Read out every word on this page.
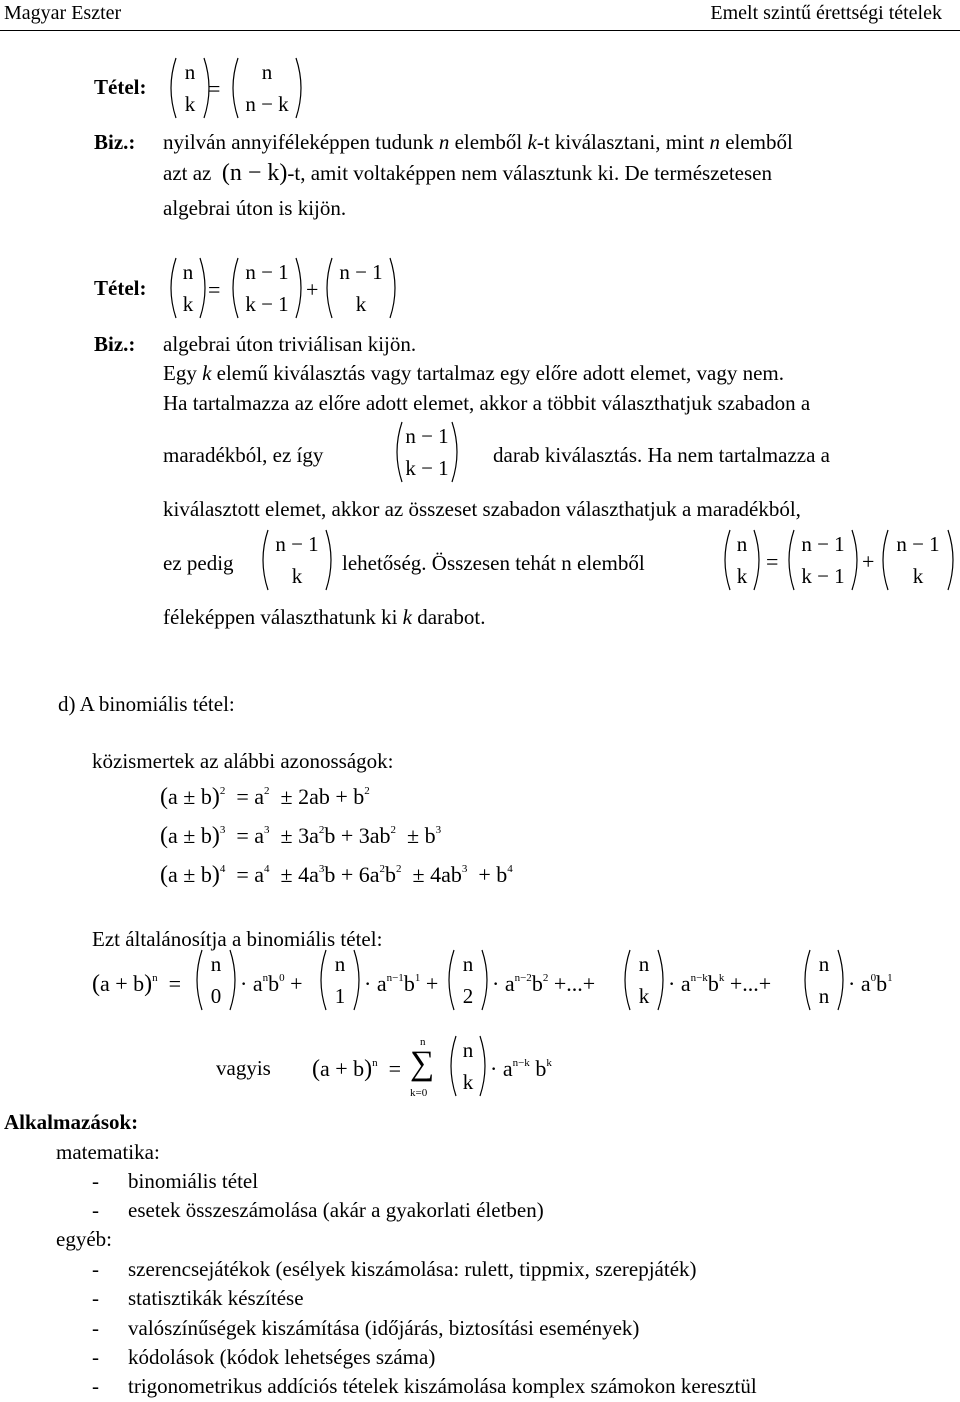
Magyar Eszter	Emelt szintű érettségi tételek
Tétel:
n
k
=
n
n − k
Biz.: nyilván annyiféleképpen tudunk n elemből k-t kiválasztani, mint n elemből
azt az (n − k)-t, amit voltaképpen nem választunk ki. De természetesen
algebrai úton is kijön.
Tétel:
n
k
=
n − 1
k − 1
+
n − 1
k
Biz.: algebrai úton triviálisan kijön.
Egy k elemű kiválasztás vagy tartalmaz egy előre adott elemet, vagy nem.
Ha tartalmazza az előre adott elemet, akkor a többit választhatjuk szabadon a
maradékból, ez így
n − 1
k − 1
darab kiválasztás. Ha nem tartalmazza a
kiválasztott elemet, akkor az összeset szabadon választhatjuk a maradékból,
ez pedig
n − 1
k
lehetőség. Összesen tehát n elemből
n
k
=
n − 1
k − 1
+
n − 1
k
féleképpen választhatunk ki k darabot.
d) A binomiális tétel:
közismertek az alábbi azonosságok:
$(a \pm b)^2 = a^2 \pm 2ab + b^2$
$(a \pm b)^3 = a^3 \pm 3a^2b + 3ab^2 \pm b^3$
$(a \pm b)^4 = a^4 \pm 4a^3b + 6a^2b^2 \pm 4ab^3 + b^4$
Ezt általánosítja a binomiális tétel:
$(a + b)^n$  =
n
$0 \cdot a^nb^0$ +
n
$1 \cdot a^{n-1}b^1$ +
n
$2 \cdot a^{n-2}b^2$ +...+
n
$k \cdot a^{n-k}b^k$ +...+
n
$n \cdot a^0b^1$
vagyis $(a + b)^n$  =
n
∑
k=0
n
k
· $a^{n-k}$ $b^k$
Alkalmazások:
matematika:
- binomiális tétel
- esetek összeszámolása (akár a gyakorlati életben)
egyéb:
- szerencsejátékok (esélyek kiszámolása: rulett, tippmix, szerepjáték)
- statisztikák készítése
- valószínűségek kiszámítása (időjárás, biztosítási események)
- kódolások (kódok lehetséges száma)
- trigonometrikus addíciós tételek kiszámolása komplex számokon keresztül
